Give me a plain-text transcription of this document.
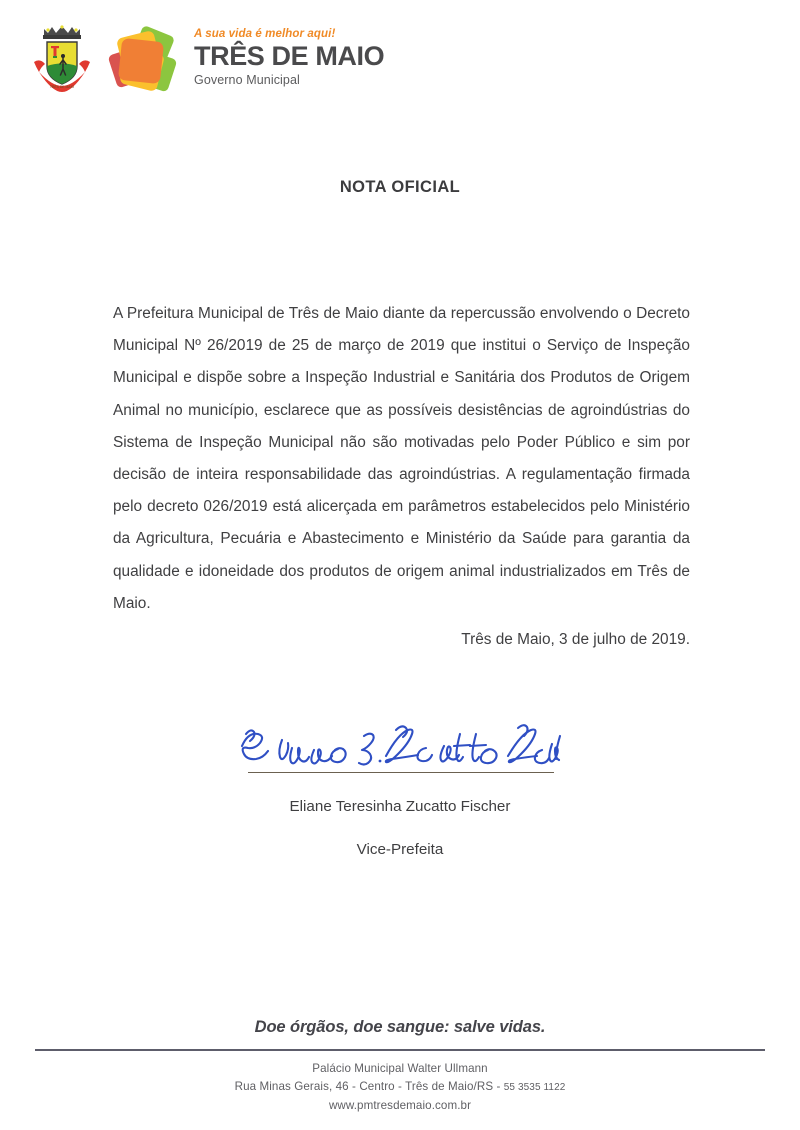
TRÊS DE MAIO
A sua vida é melhor aqui!
TRÊS DE MAIO
Governo Municipal
NOTA OFICIAL
A Prefeitura Municipal de Três de Maio diante da repercussão envolvendo o Decreto Municipal Nº 26/2019 de 25 de março de 2019 que institui o Serviço de Inspeção Municipal e dispõe sobre a Inspeção Industrial e Sanitária dos Produtos de Origem Animal no município, esclarece que as possíveis desistências de agroindústrias do Sistema de Inspeção Municipal não são motivadas pelo Poder Público e sim por decisão de inteira responsabilidade das agroindústrias. A regulamentação firmada pelo decreto 026/2019 está alicerçada em parâmetros estabelecidos pelo Ministério da Agricultura, Pecuária e Abastecimento e Ministério da Saúde para garantia da qualidade e idoneidade dos produtos de origem animal industrializados em Três de Maio.
Três de Maio, 3 de julho de 2019.
Eliane Teresinha Zucatto Fischer
Vice-Prefeita
Doe órgãos, doe sangue: salve vidas.
Palácio Municipal Walter Ullmann
Rua Minas Gerais, 46 - Centro - Três de Maio/RS - 55 3535 1122
www.pmtresdemaio.com.br
